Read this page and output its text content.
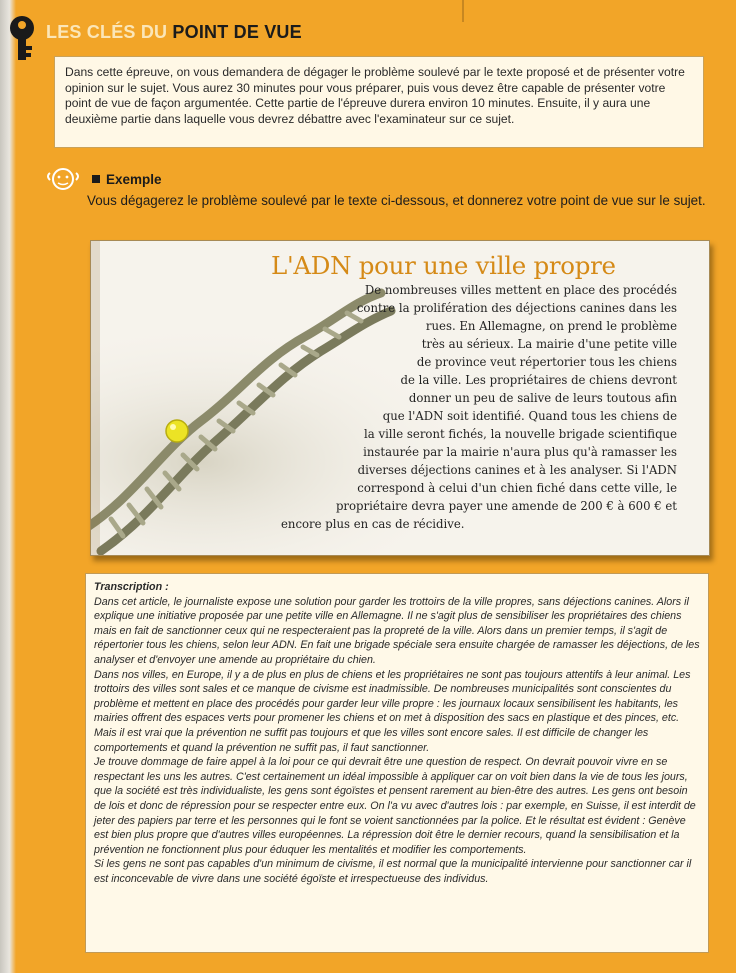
LES CLÉS DU POINT DE VUE
Dans cette épreuve, on vous demandera de dégager le problème soulevé par le texte proposé et de présenter votre opinion sur le sujet. Vous aurez 30 minutes pour vous préparer, puis vous devez être capable de présenter votre point de vue de façon argumentée. Cette partie de l'épreuve durera environ 10 minutes. Ensuite, il y aura une deuxième partie dans laquelle vous devrez débattre avec l'examinateur sur ce sujet.
Exemple
Vous dégagerez le problème soulevé par le texte ci-dessous, et donnerez votre point de vue sur le sujet.
L'ADN pour une ville propre
De nombreuses villes mettent en place des procédés
contre la prolifération des déjections canines dans les
rues. En Allemagne, on prend le problème
très au sérieux. La mairie d'une petite ville
de province veut répertorier tous les chiens
de la ville. Les propriétaires de chiens devront
donner un peu de salive de leurs toutous afin
que l'ADN soit identifié. Quand tous les chiens de
la ville seront fichés, la nouvelle brigade scientifique
instaurée par la mairie n'aura plus qu'à ramasser les
diverses déjections canines et à les analyser. Si l'ADN
correspond à celui d'un chien fiché dans cette ville, le
propriétaire devra payer une amende de 200 € à 600 € et
encore plus en cas de récidive.

Transcription :

Dans cet article, le journaliste expose une solution pour garder les trottoirs de la ville propres, sans déjections canines. Alors il explique une initiative proposée par une petite ville en Allemagne. Il ne s'agit plus de sensibiliser les propriétaires des chiens mais en fait de sanctionner ceux qui ne respecteraient pas la propreté de la ville. Alors dans un premier temps, il s'agit de répertorier tous les chiens, selon leur ADN. En fait une brigade spéciale sera ensuite chargée de ramasser les déjections, de les analyser et d'envoyer une amende au propriétaire du chien.

Dans nos villes, en Europe, il y a de plus en plus de chiens et les propriétaires ne sont pas toujours attentifs à leur animal. Les trottoirs des villes sont sales et ce manque de civisme est inadmissible. De nombreuses municipalités sont conscientes du problème et mettent en place des procédés pour garder leur ville propre : les journaux locaux sensibilisent les habitants, les mairies offrent des espaces verts pour promener les chiens et on met à disposition des sacs en plastique et des pinces, etc. Mais il est vrai que la prévention ne suffit pas toujours et que les villes sont encore sales. Il est difficile de changer les comportements et quand la prévention ne suffit pas, il faut sanctionner.

Je trouve dommage de faire appel à la loi pour ce qui devrait être une question de respect. On devrait pouvoir vivre en se respectant les uns les autres. C'est certainement un idéal impossible à appliquer car on voit bien dans la vie de tous les jours, que la société est très individualiste, les gens sont égoïstes et pensent rarement au bien-être des autres. Les gens ont besoin de lois et donc de répression pour se respecter entre eux. On l'a vu avec d'autres lois : par exemple, en Suisse, il est interdit de jeter des papiers par terre et les personnes qui le font se voient sanctionnées par la police. Et le résultat est évident : Genève est bien plus propre que d'autres villes européennes. La répression doit être le dernier recours, quand la sensibilisation et la prévention ne fonctionnent plus pour éduquer les mentalités et modifier les comportements.

Si les gens ne sont pas capables d'un minimum de civisme, il est normal que la municipalité intervienne pour sanctionner car il est inconcevable de vivre dans une société égoïste et irrespectueuse des individus.
